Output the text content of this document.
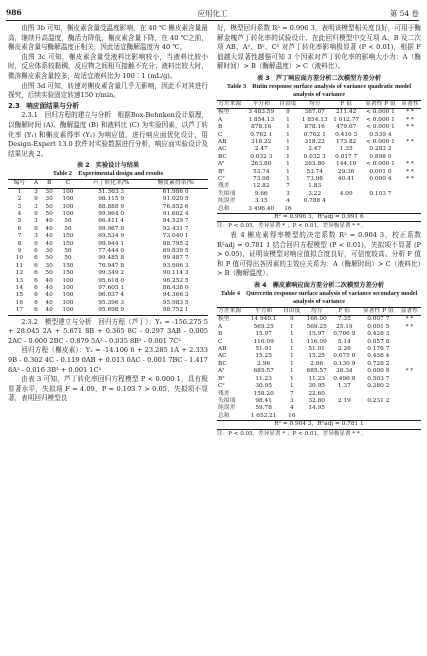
986	应用化工	第 54 卷

由图 3b 可知，槲皮素含量受温度影响，在 40 ℃ 槲皮素含量最高，继续升高温度，酶活力降低，槲皮素含量下降，在 40 ℃之前，槲皮素含量与酶解温度正相关，因此适宜酶解温度为 40 ℃。

由图 3c 可知，槲皮素含量受液料比影响较小，当液料比较小时，反应体系较黏稠，反应物之间相互接触不充分；液料比较大时，微溶槲皮素含量较多，故适宜液料比为 100∶1 (mL/g)。

由图 3d 可知，转速对槲皮素含量几乎无影响，因此不对其进行探究，后续实验固定转速150 r/min。

2.3　响应面结果与分析

2.3.1　回归方程的建立与分析　根据Box-Behnken设计原理，以酶解时间 (A)、酶解温度 (B) 和液料比 (C) 为实验因素，以芦丁转化率 (Y₁) 和槲皮素得率 (Y₂) 为响应值，进行响应面优化设计，用 Design-Expert 13.0 软件对实验数据进行分析，响应面实验设计及结果见表 2。

表 2　实验设计与结果
Table 2　Experimental design and results
编号	A	B	C	芦丁转化率/%	槲皮素得率/%
1	3	30	100	51.363 3	61.986 0
2	9	30	100	98.115 9	91.020 5
3	3	50	100	88.888 9	76.852 6
4	9	50	100	99.964 0	91.602 4
5	3	40	50	66.411 4	84.529 7
6	9	40	50	99.967 9	92.431 7
7	3	40	150	69.534 9	73.040 1
8	9	40	150	99.944 1	88.795 2
9	6	30	50	77.444 0	89.839 5
10	6	50	50	99.485 8	99.487 7
11	6	30	150	76.947 8	93.906 3
12	6	50	150	99.349 2	90.114 3
13	6	40	100	95.618 0	96.252 5
14	6	40	100	97.605 1	88.438 0
15	6	40	100	96.037 4	94.366 3
16	6	40	100	95.396 3	95.983 5
17	6	40	100	95.698 9	98.752 1

2.3.2　模型建立与分析　回归方程（芦丁）：Y₁ = -156.275 5 + 28.045 2A + 5.671 8B + 0.365 8C - 0.297 3AB - 0.005 2AC - 0.000 2BC - 0.879 5A² - 0.035 8B² - 0.001 7C²

回归方程（槲皮素）：Y₂ = -14.106 6 + 23.285 1A + 2.333 9B - 0.302 4C - 0.119 0AB + 0.013 0AC - 0.001 7BC - 1.417 8A² - 0.016 3B² + 0.001 1C²

由表 3 可知，芦丁转化率回归方程模型 P < 0.000 1，具有极显著水平，失拟项 F = 4.09，P = 0.103 7 > 0.05，失拟项不显著，表明回归模型良

好，模型回归系数 R² = 0.996 3，表明该模型相关度良好，可用于酶解金槐芦丁转化率的试验设计。在此回归模型中交互项 A、B 及二次项 AB、A²、B²、C² 对芦丁转化率影响极显著 (P < 0.01)，根据 F 值越大显著性越强可知 3 个因素对芦丁转化率的影响大小为：A（酶解时间）> B（酶解温度）> C（液料比）。

表 3　芦丁响应面方差分析二次模型方差分析
Table 3　Rutin response surface analysis of variance quadratic model analysis of variance
方差来源	平方和	自由度	均方	F 值	显著性 P 值	显著性
模型	3 483.59	9	387.07	211.42	< 0.000 1	* *
A	1 854.13	1	1 854.13	1 012.77	< 0.000 1	* *
B	878.16	1	878.16	479.67	< 0.000 1	* *
C	0.762 1	1	0.762 1	0.416 3	0.539 4	
AB	318.22	1	318.22	173.82	< 0.000 1	* *
AC	2.47	1	2.47	1.35	0.283 2	
BC	0.032 3	1	0.032 3	0.017 7	0.898 0	
A²	263.80	1	263.80	144.10	< 0.000 1	* *
B²	53.74	1	53.74	29.36	0.001 0	* *
C²	73.98	1	73.98	40.41	0.000 4	* *
残差	12.82	7	1.83			
失拟项	9.66	3	3.22	4.09	0.103 7	
纯误差	3.15	4	0.788 4			
总和	3 496.40	16				
R² = 0.996 3，R²adj = 0.991 6						
注：P < 0.05，差异显著 * ；P < 0.01，差异极显著 * * 。

表 4 槲皮素得率模型的决定系数 R² = 0.904 3，校正系数 R²adj = 0.781 1 结合回归方程模型 (P < 0.01)，失拟项不显著 (P > 0.05)，证明该模型对响应值拟合度良好，可信度较高。分析 F 值和 P 值可得出各因素的主效应关系为：A（酶解时间）> C（液料比）> B（酶解温度）。

表 4　槲皮素响应面方差分析二次模型方差分析
Table 4　Quercetin response surface analysis of variance secondary model analysis of variance
方差来源	平方和	自由度	均方	F 值	显著性 P 值	显著性
模型	14 940.1	9	166.00	7.35	0.007 7	* *
A	569.25	1	569.25	25.19	0.001 5	* *
B	15.97	1	15.97	0.706 9	0.428 3	
C	116.09	1	116.09	5.14	0.057 8	
AB	51.01	1	51.01	2.26	0.176 7	
AC	15.25	1	15.25	0.675 0	0.438 4	
BC	2.96	1	2.96	0.130 9	0.728 2	
A²	685.57	1	685.57	30.34	0.000 9	* *
B²	11.23	1	11.23	0.496 8	0.503 7	
C²	30.95	1	30.95	1.37	0.280 2	
残差	158.20	7	22.60			
失拟项	98.41	3	32.80	2.19	0.231 2	
纯误差	59.78	4	14.95			
总和	1 652.21	16				
R² = 0.904 3，R²adj = 0.781 1						
注：P < 0.05，差异显著 * ；P < 0.01，差异极显著 * * 。
